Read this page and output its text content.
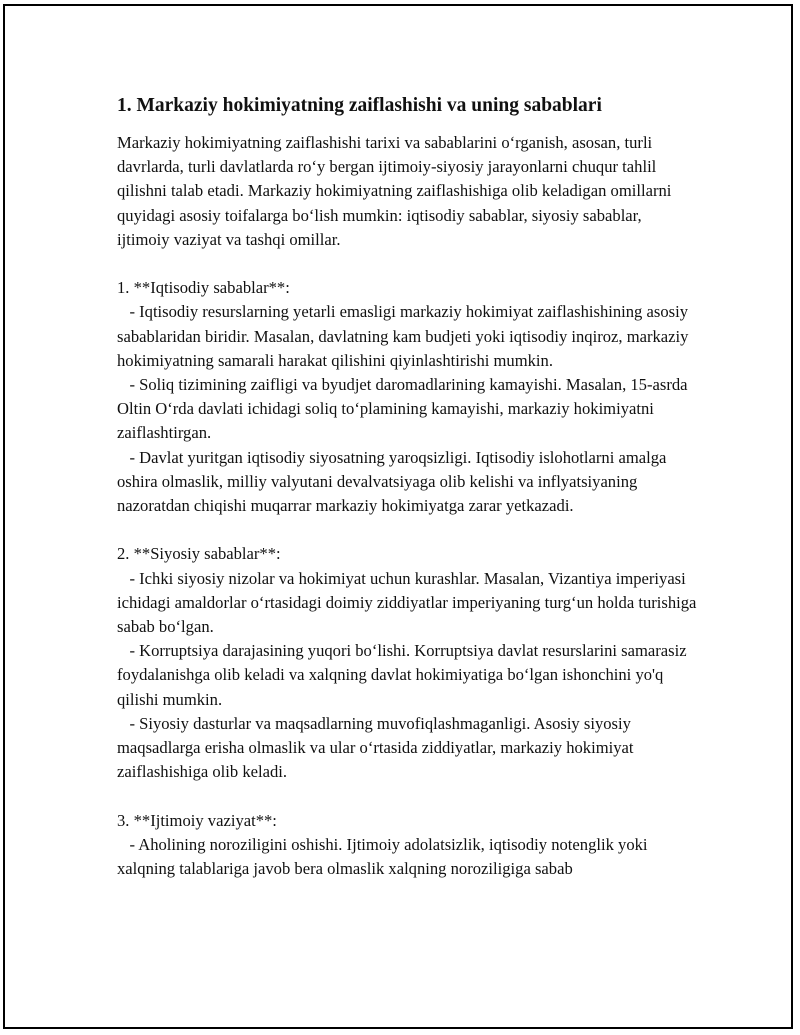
1. Markaziy hokimiyatning zaiflashishi va uning sabablari

Markaziy hokimiyatning zaiflashishi tarixi va sabablarini oʻrganish, asosan, turli davrlarda, turli davlatlarda roʻy bergan ijtimoiy-siyosiy jarayonlarni chuqur tahlil qilishni talab etadi. Markaziy hokimiyatning zaiflashishiga olib keladigan omillarni quyidagi asosiy toifalarga boʻlish mumkin: iqtisodiy sabablar, siyosiy sabablar, ijtimoiy vaziyat va tashqi omillar.

1. **Iqtisodiy sabablar**:

- Iqtisodiy resurslarning yetarli emasligi markaziy hokimiyat zaiflashishining asosiy sabablaridan biridir. Masalan, davlatning kam budjeti yoki iqtisodiy inqiroz, markaziy hokimiyatning samarali harakat qilishini qiyinlashtirishi mumkin.

- Soliq tizimining zaifligi va byudjet daromadlarining kamayishi. Masalan, 15-asrda Oltin Oʻrda davlati ichidagi soliq toʻplamining kamayishi, markaziy hokimiyatni zaiflashtirgan.

- Davlat yuritgan iqtisodiy siyosatning yaroqsizligi. Iqtisodiy islohotlarni amalga oshira olmaslik, milliy valyutani devalvatsiyaga olib kelishi va inflyatsiyaning nazoratdan chiqishi muqarrar markaziy hokimiyatga zarar yetkazadi.

2. **Siyosiy sabablar**:

- Ichki siyosiy nizolar va hokimiyat uchun kurashlar. Masalan, Vizantiya imperiyasi ichidagi amaldorlar oʻrtasidagi doimiy ziddiyatlar imperiyaning turgʻun holda turishiga sabab boʻlgan.

- Korruptsiya darajasining yuqori boʻlishi. Korruptsiya davlat resurslarini samarasiz foydalanishga olib keladi va xalqning davlat hokimiyatiga boʻlgan ishonchini yo'q qilishi mumkin.

- Siyosiy dasturlar va maqsadlarning muvofiqlashmaganligi. Asosiy siyosiy maqsadlarga erisha olmaslik va ular oʻrtasida ziddiyatlar, markaziy hokimiyat zaiflashishiga olib keladi.

3. **Ijtimoiy vaziyat**:

- Aholining noroziligini oshishi. Ijtimoiy adolatsizlik, iqtisodiy notenglik yoki xalqning talablariga javob bera olmaslik xalqning noroziligiga sabab
